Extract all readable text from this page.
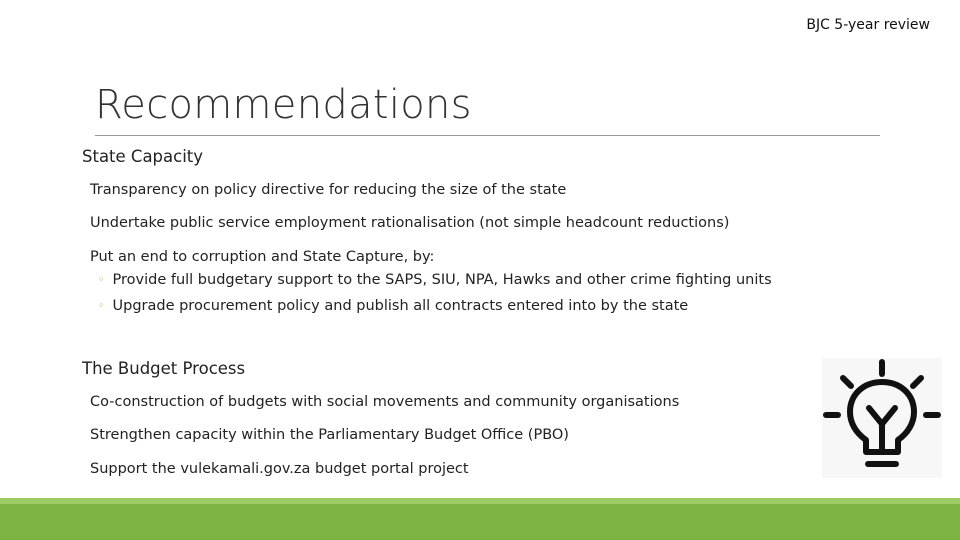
BJC 5-year review
Recommendations
State Capacity
Transparency on policy directive for reducing the size of the state
Undertake public service employment rationalisation (not simple headcount reductions)
Put an end to corruption and State Capture, by:
◦ Provide full budgetary support to the SAPS, SIU, NPA, Hawks and other crime fighting units
◦ Upgrade procurement policy and publish all contracts entered into by the state
The Budget Process
Co-construction of budgets with social movements and community organisations
Strengthen capacity within the Parliamentary Budget Office (PBO)
Support the vulekamali.gov.za budget portal project
